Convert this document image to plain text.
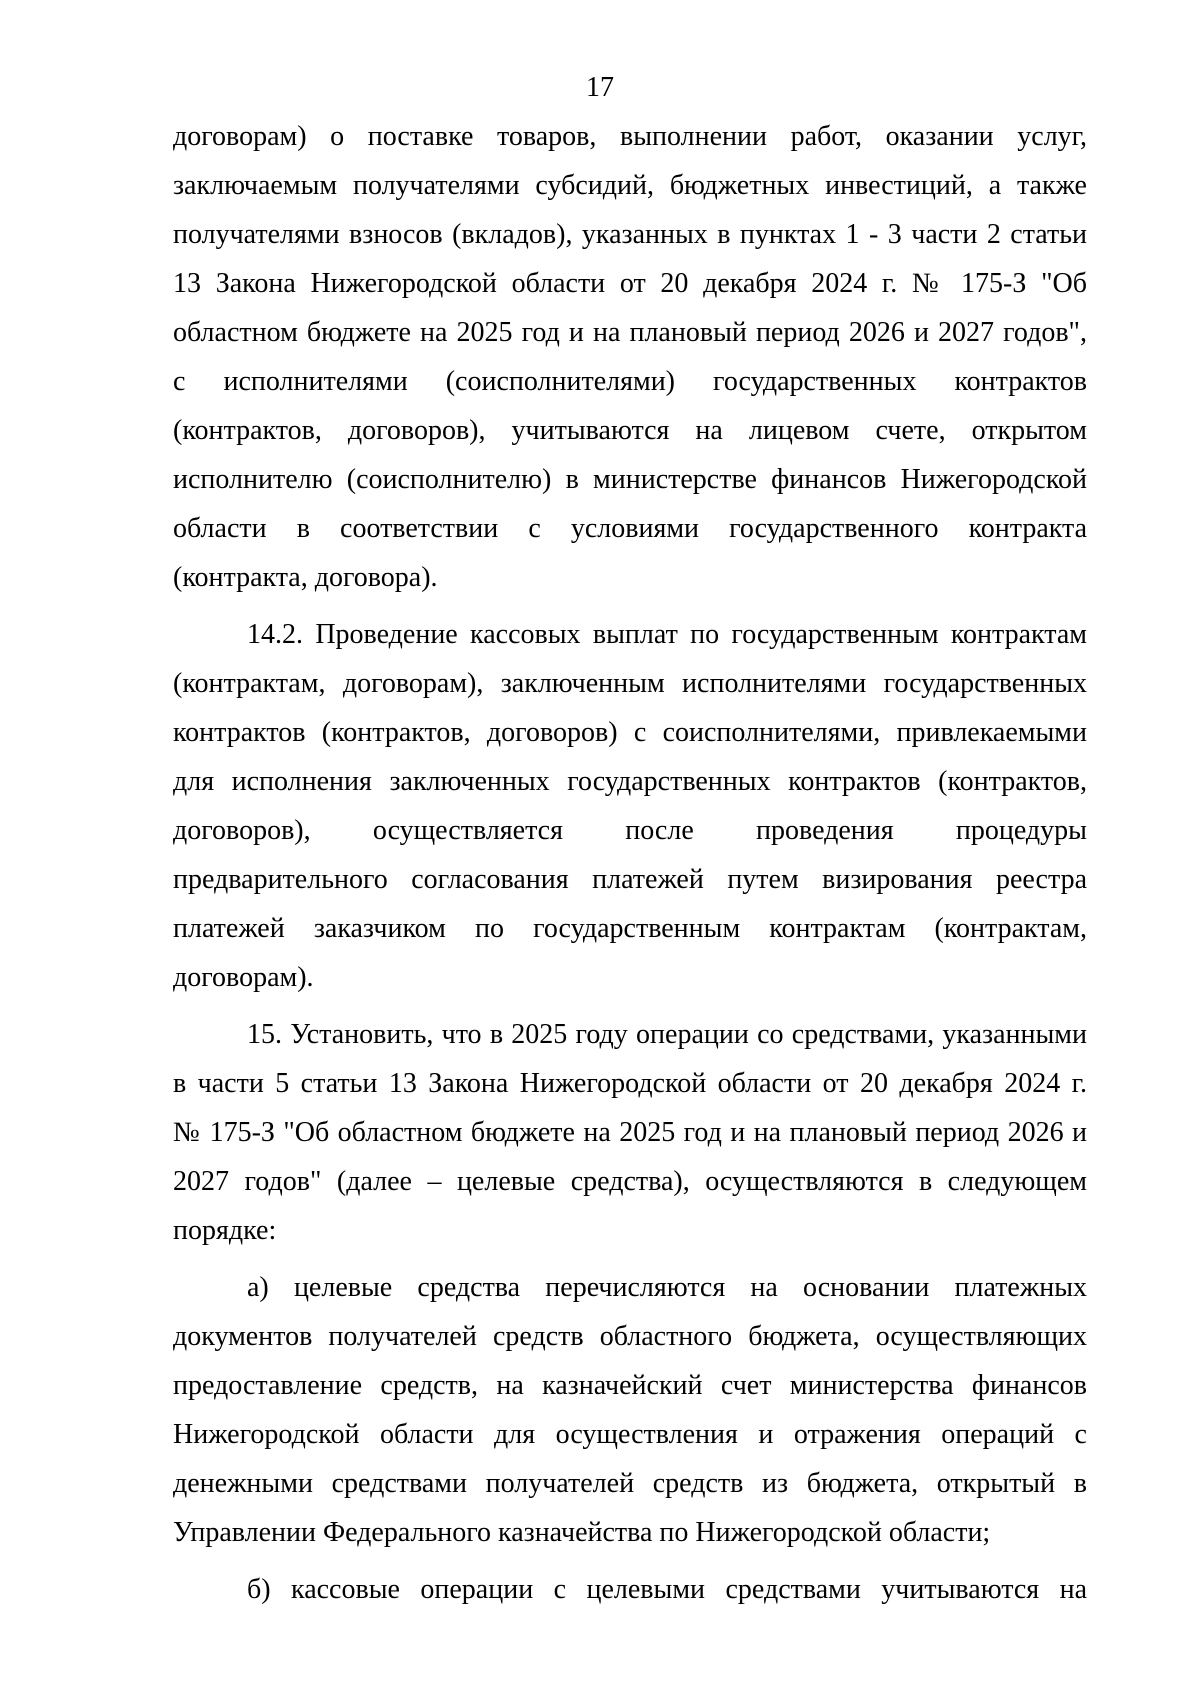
17
договорам) о поставке товаров, выполнении работ, оказании услуг,
заключаемым получателями субсидий, бюджетных инвестиций, а также
получателями взносов (вкладов), указанных в пунктах 1 - 3 части 2 статьи
13 Закона Нижегородской области от 20 декабря 2024 г. № 175-З "Об
областном бюджете на 2025 год и на плановый период 2026 и 2027 годов",
с исполнителями (соисполнителями) государственных контрактов
(контрактов, договоров), учитываются на лицевом счете, открытом
исполнителю (соисполнителю) в министерстве финансов Нижегородской
области в соответствии с условиями государственного контракта
(контракта, договора).
14.2. Проведение кассовых выплат по государственным контрактам
(контрактам, договорам), заключенным исполнителями государственных
контрактов (контрактов, договоров) с соисполнителями, привлекаемыми
для исполнения заключенных государственных контрактов (контрактов,
договоров), осуществляется после проведения процедуры
предварительного согласования платежей путем визирования реестра
платежей заказчиком по государственным контрактам (контрактам,
договорам).
15. Установить, что в 2025 году операции со средствами, указанными
в части 5 статьи 13 Закона Нижегородской области от 20 декабря 2024 г.
№ 175-З "Об областном бюджете на 2025 год и на плановый период 2026 и
2027 годов" (далее – целевые средства), осуществляются в следующем
порядке:
а) целевые средства перечисляются на основании платежных
документов получателей средств областного бюджета, осуществляющих
предоставление средств, на казначейский счет министерства финансов
Нижегородской области для осуществления и отражения операций с
денежными средствами получателей средств из бюджета, открытый в
Управлении Федерального казначейства по Нижегородской области;
б) кассовые операции с целевыми средствами учитываются на
